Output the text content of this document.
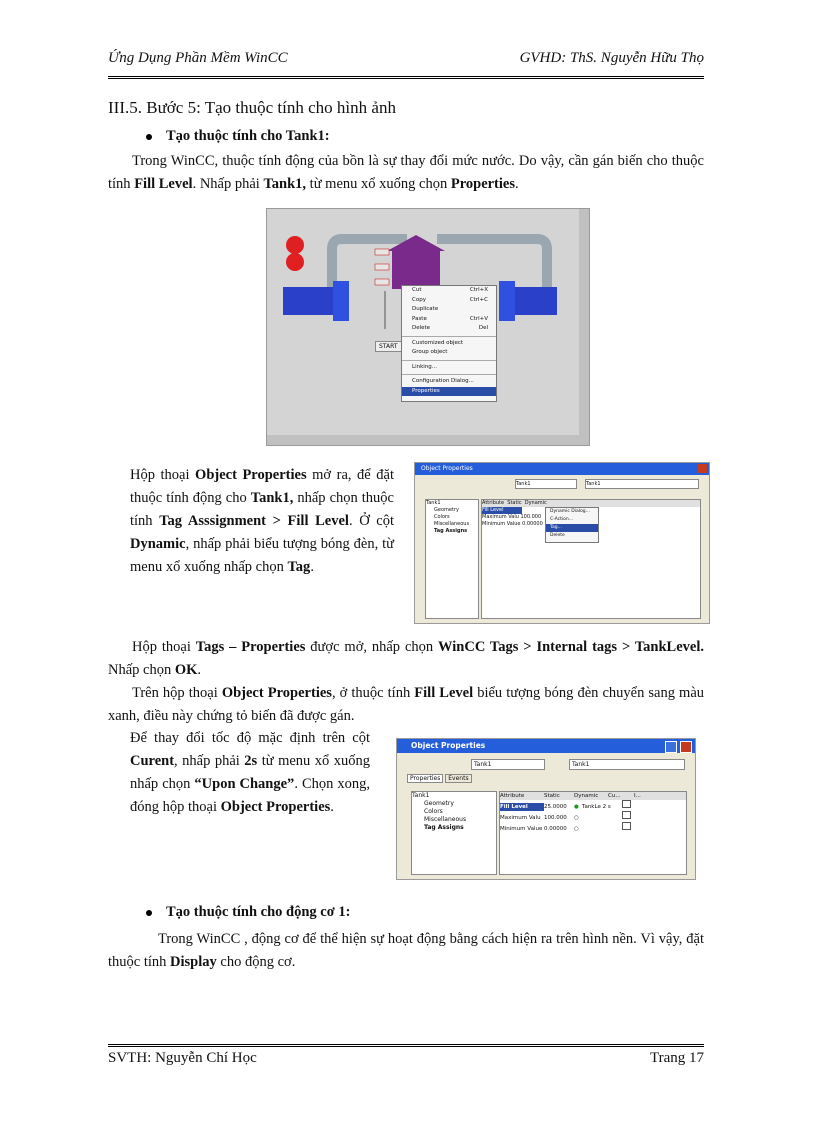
Ứng Dụng Phần Mềm WinCC	GVHD: ThS. Nguyễn Hữu Thọ
III.5. Bước 5: Tạo thuộc tính cho hình ảnh
Tạo thuộc tính cho Tank1:
Trong WinCC, thuộc tính động của bồn là sự thay đổi mức nước. Do vậy, cần gán biến cho thuộc tính Fill Level. Nhấp phải Tank1, từ menu xổ xuống chọn Properties.
START
Cut	Ctrl+X
Copy	Ctrl+C
Duplicate
Paste	Ctrl+V
Delete	Del
Customized object
Group object
Linking...
Configuration Dialog...
Properties
Hộp thoại Object Properties mở ra, để đặt thuộc tính động cho Tank1, nhấp chọn thuộc tính Tag Asssignment > Fill Level. Ở cột Dynamic, nhấp phải biểu tượng bóng đèn, từ menu xổ xuống nhấp chọn Tag.
Object Properties
Tank1	Tank1
Tank1
Geometry
Colors
Miscellaneous
Tag Assigns
Attribute Static Dynamic
Fill Level
Maximum Valu 100.000
Minimum Value 0.00000
Dynamic Dialog...
C-Action...
Tag...
Delete
Hộp thoại Tags – Properties được mở, nhấp chọn WinCC Tags > Internal tags > TankLevel. Nhấp chọn OK.
Trên hộp thoại Object Properties, ở thuộc tính Fill Level biểu tượng bóng đèn chuyển sang màu xanh, điều này chứng tỏ biến đã được gán.
Để thay đổi tốc độ mặc định trên cột Curent, nhấp phải 2s từ menu xổ xuống nhấp chọn “Upon Change”. Chọn xong, đóng hộp thoại Object Properties.
Object Properties
Tank1	Tank1
Properties Events
Tank1
Geometry
Colors
Miscellaneous
Tag Assigns
Attribute	Static	Dynamic Cu... I...
Fill Level	25.0000 ● TankLe 2 s
Maximum Valu 100.000 ○
Minimum Value 0.00000 ○
Tạo thuộc tính cho động cơ 1:
Trong WinCC , động cơ để thể hiện sự hoạt động bằng cách hiện ra trên hình nền. Vì vậy, đặt thuộc tính Display cho động cơ.
SVTH: Nguyễn Chí Học	Trang 17
